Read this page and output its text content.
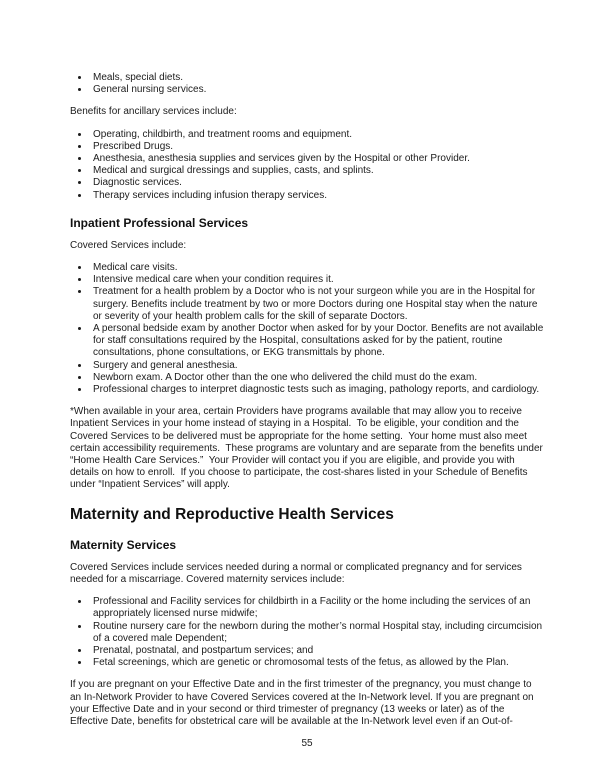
• Meals, special diets.
• General nursing services.

Benefits for ancillary services include:

• Operating, childbirth, and treatment rooms and equipment.
• Prescribed Drugs.
• Anesthesia, anesthesia supplies and services given by the Hospital or other Provider.
• Medical and surgical dressings and supplies, casts, and splints.
• Diagnostic services.
• Therapy services including infusion therapy services.
Inpatient Professional Services

Covered Services include:

• Medical care visits.
• Intensive medical care when your condition requires it.
• Treatment for a health problem by a Doctor who is not your surgeon while you are in the Hospital for surgery. Benefits include treatment by two or more Doctors during one Hospital stay when the nature or severity of your health problem calls for the skill of separate Doctors.
• A personal bedside exam by another Doctor when asked for by your Doctor. Benefits are not available for staff consultations required by the Hospital, consultations asked for by the patient, routine consultations, phone consultations, or EKG transmittals by phone.
• Surgery and general anesthesia.
• Newborn exam. A Doctor other than the one who delivered the child must do the exam.
• Professional charges to interpret diagnostic tests such as imaging, pathology reports, and cardiology.

*When available in your area, certain Providers have programs available that may allow you to receive Inpatient Services in your home instead of staying in a Hospital.  To be eligible, your condition and the Covered Services to be delivered must be appropriate for the home setting.  Your home must also meet certain accessibility requirements.  These programs are voluntary and are separate from the benefits under “Home Health Care Services.”  Your Provider will contact you if you are eligible, and provide you with details on how to enroll.  If you choose to participate, the cost-shares listed in your Schedule of Benefits under “Inpatient Services” will apply.

Maternity and Reproductive Health Services
Maternity Services

Covered Services include services needed during a normal or complicated pregnancy and for services needed for a miscarriage. Covered maternity services include:

• Professional and Facility services for childbirth in a Facility or the home including the services of an appropriately licensed nurse midwife;
• Routine nursery care for the newborn during the mother’s normal Hospital stay, including circumcision of a covered male Dependent;
• Prenatal, postnatal, and postpartum services; and
• Fetal screenings, which are genetic or chromosomal tests of the fetus, as allowed by the Plan.

If you are pregnant on your Effective Date and in the first trimester of the pregnancy, you must change to an In-Network Provider to have Covered Services covered at the In-Network level. If you are pregnant on your Effective Date and in your second or third trimester of pregnancy (13 weeks or later) as of the Effective Date, benefits for obstetrical care will be available at the In-Network level even if an Out-of-

55
